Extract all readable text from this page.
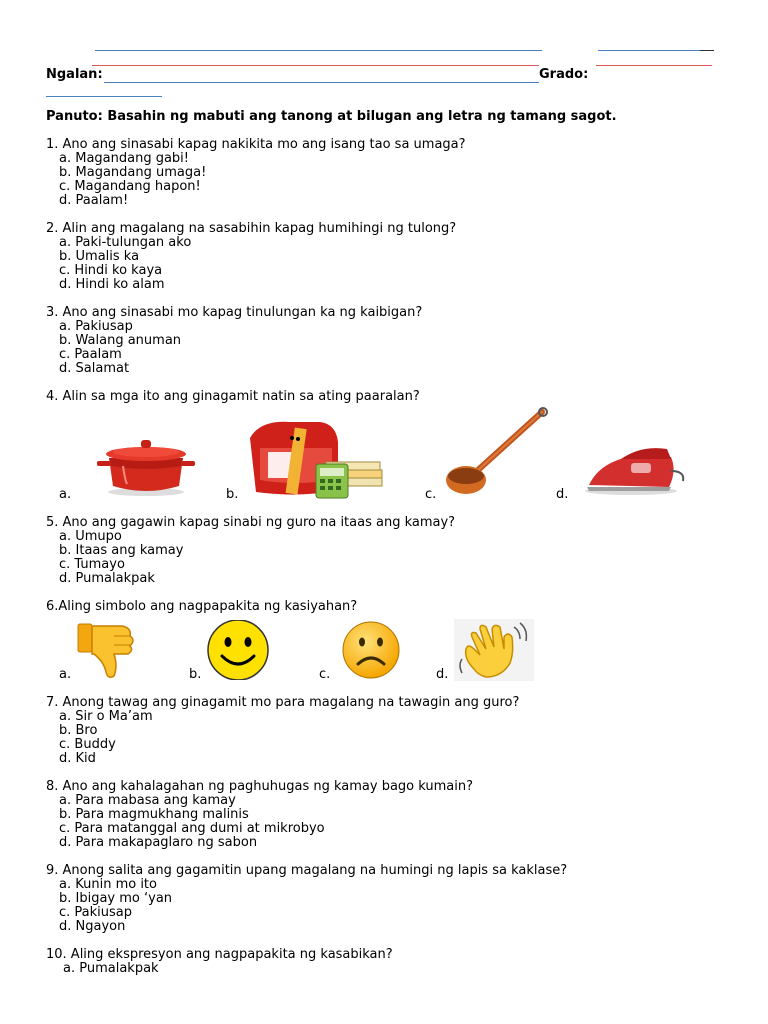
Ngalan:	Grado:
Panuto: Basahin ng mabuti ang tanong at bilugan ang letra ng tamang sagot.
1. Ano ang sinasabi kapag nakikita mo ang isang tao sa umaga?
a. Magandang gabi!
b. Magandang umaga!
c. Magandang hapon!
d. Paalam!
2. Alin ang magalang na sasabihin kapag humihingi ng tulong?
a. Paki-tulungan ako
b. Umalis ka
c. Hindi ko kaya
d. Hindi ko alam
3. Ano ang sinasabi mo kapag tinulungan ka ng kaibigan?
a. Pakiusap
b. Walang anuman
c. Paalam
d. Salamat
4. Alin sa mga ito ang ginagamit natin sa ating paaralan?
a.	b.	c.	d.
5. Ano ang gagawin kapag sinabi ng guro na itaas ang kamay?
a. Umupo
b. Itaas ang kamay
c. Tumayo
d. Pumalakpak
6.Aling simbolo ang nagpapakita ng kasiyahan?
a.	b.	c.	d.
7. Anong tawag ang ginagamit mo para magalang na tawagin ang guro?
a. Sir o Ma’am
b. Bro
c. Buddy
d. Kid
8. Ano ang kahalagahan ng paghuhugas ng kamay bago kumain?
a. Para mabasa ang kamay
b. Para magmukhang malinis
c. Para matanggal ang dumi at mikrobyo
d. Para makapaglaro ng sabon
9. Anong salita ang gagamitin upang magalang na humingi ng lapis sa kaklase?
a. Kunin mo ito
b. Ibigay mo ‘yan
c. Pakiusap
d. Ngayon
10. Aling ekspresyon ang nagpapakita ng kasabikan?
a. Pumalakpak
